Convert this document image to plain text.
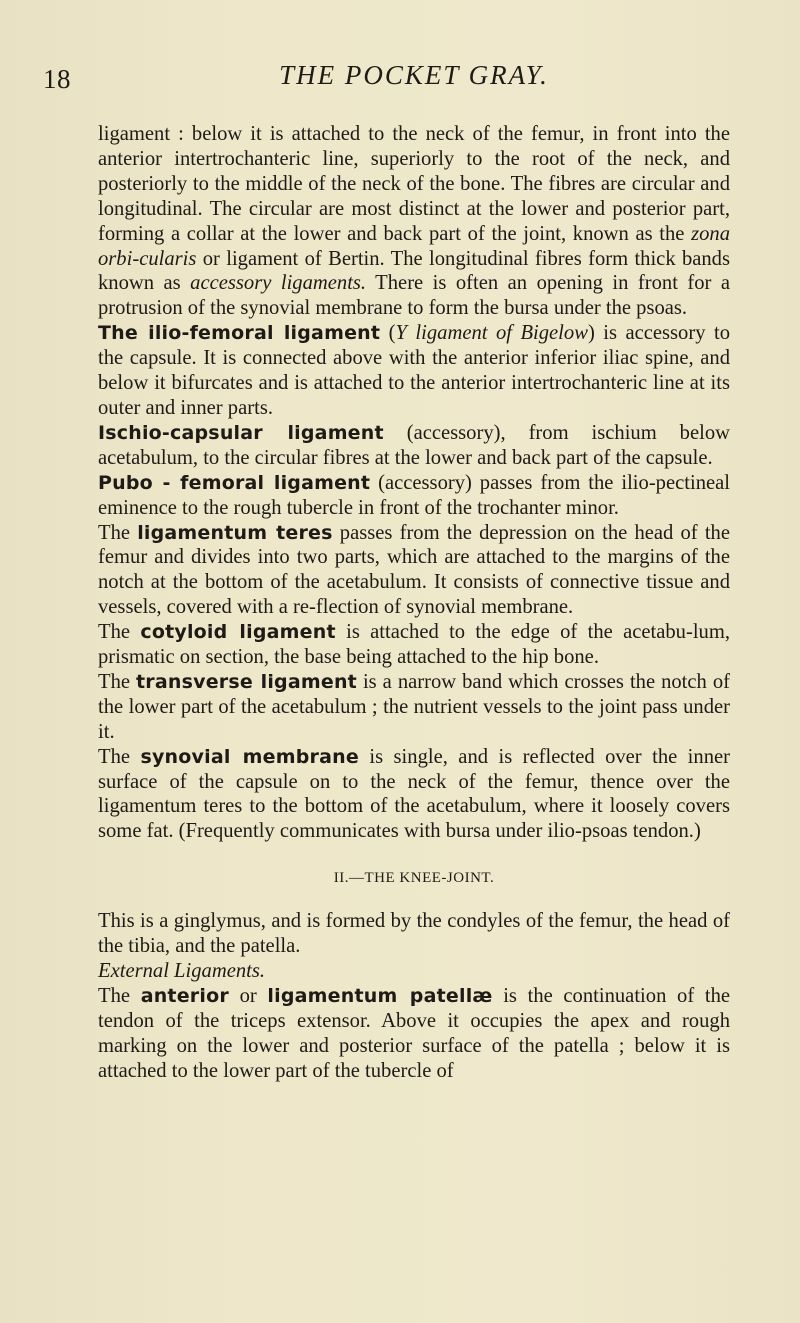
18	THE POCKET GRAY.

ligament : below it is attached to the neck of the femur, in front into the anterior intertrochanteric line, superiorly to the root of the neck, and posteriorly to the middle of the neck of the bone. The fibres are circular and longitudinal. The circular are most distinct at the lower and posterior part, forming a collar at the lower and back part of the joint, known as the zona orbi-cularis or ligament of Bertin. The longitudinal fibres form thick bands known as accessory ligaments. There is often an opening in front for a protrusion of the synovial membrane to form the bursa under the psoas.

The ilio-femoral ligament (Y ligament of Bigelow) is accessory to the capsule. It is connected above with the anterior inferior iliac spine, and below it bifurcates and is attached to the anterior intertrochanteric line at its outer and inner parts.

Ischio-capsular ligament (accessory), from ischium below acetabulum, to the circular fibres at the lower and back part of the capsule.

Pubo - femoral ligament (accessory) passes from the ilio-pectineal eminence to the rough tubercle in front of the trochanter minor.

The ligamentum teres passes from the depression on the head of the femur and divides into two parts, which are attached to the margins of the notch at the bottom of the acetabulum. It consists of connective tissue and vessels, covered with a re-flection of synovial membrane.

The cotyloid ligament is attached to the edge of the acetabu-lum, prismatic on section, the base being attached to the hip bone.

The transverse ligament is a narrow band which crosses the notch of the lower part of the acetabulum ; the nutrient vessels to the joint pass under it.

The synovial membrane is single, and is reflected over the inner surface of the capsule on to the neck of the femur, thence over the ligamentum teres to the bottom of the acetabulum, where it loosely covers some fat. (Frequently communicates with bursa under ilio-psoas tendon.)

II.—THE KNEE-JOINT.

This is a ginglymus, and is formed by the condyles of the femur, the head of the tibia, and the patella.

External Ligaments.

The anterior or ligamentum patellæ is the continuation of the tendon of the triceps extensor. Above it occupies the apex and rough marking on the lower and posterior surface of the patella ; below it is attached to the lower part of the tubercle of
